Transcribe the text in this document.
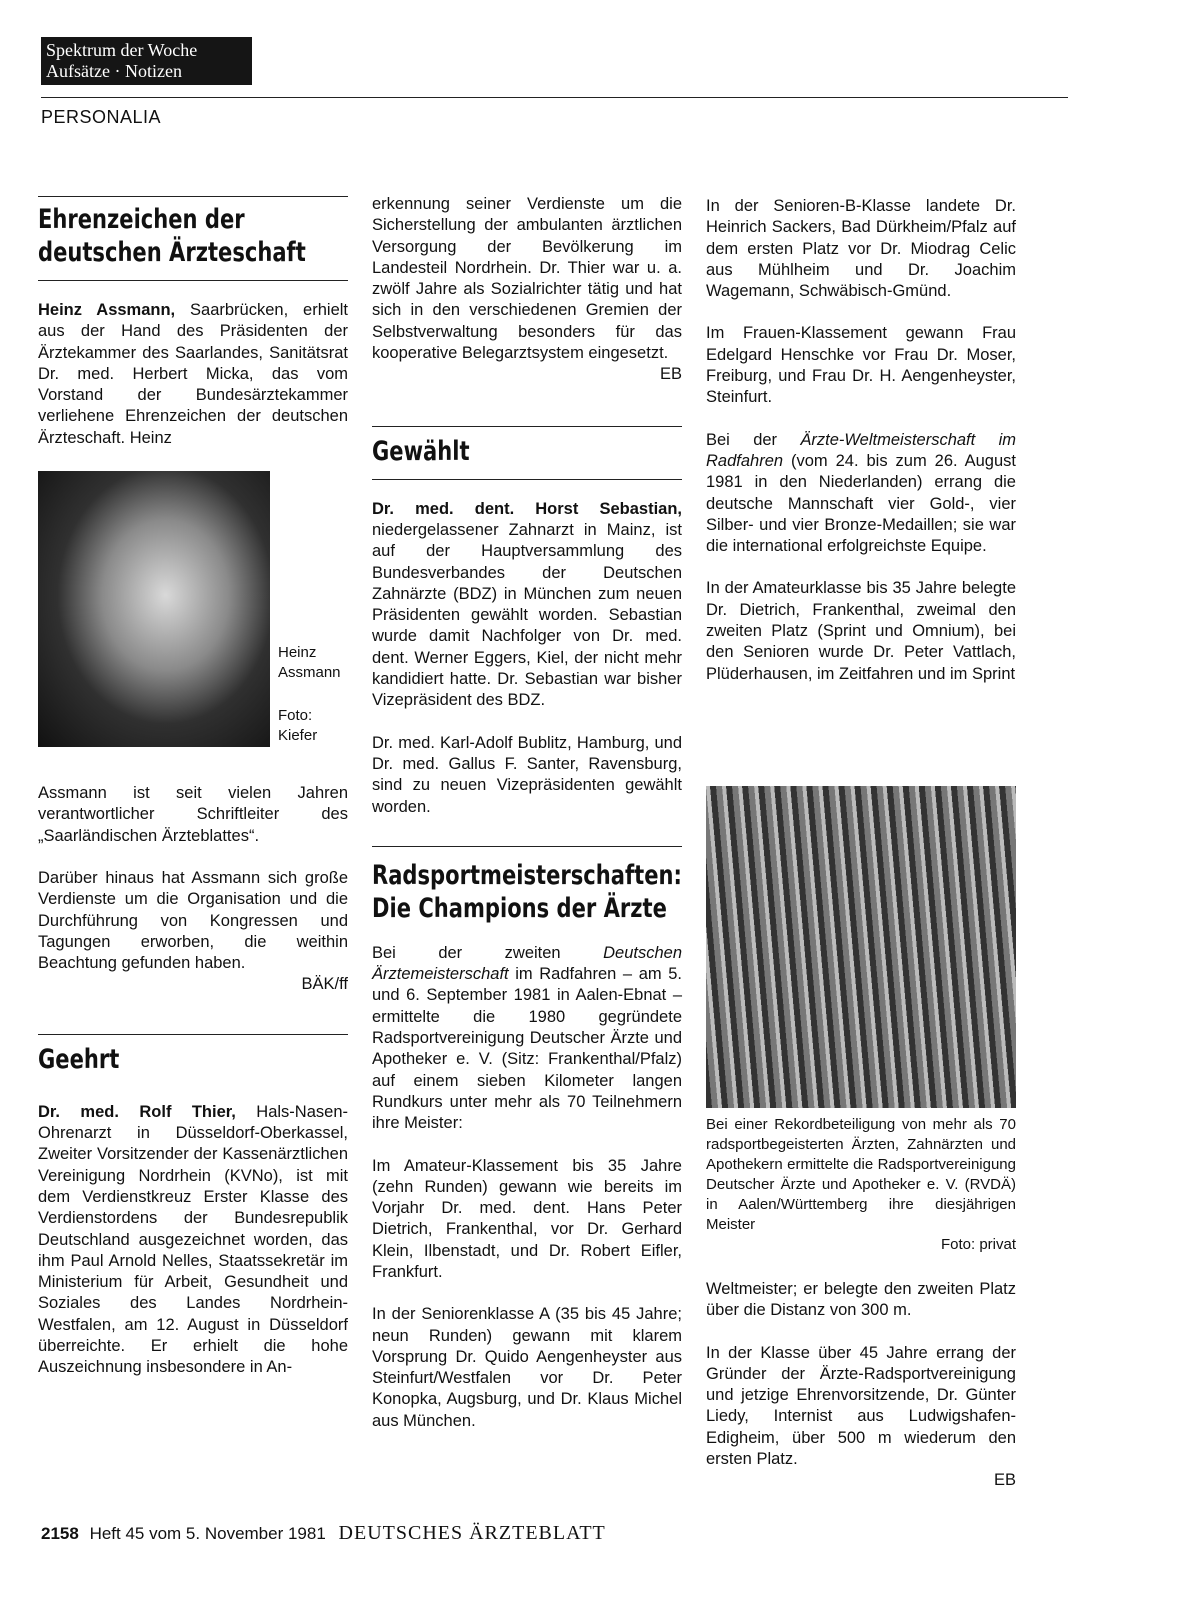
Spektrum der Woche
Aufsätze · Notizen
PERSONALIA
Ehrenzeichen der
deutschen Ärzteschaft

Heinz Assmann, Saarbrücken, erhielt aus der Hand des Präsidenten der Ärztekammer des Saarlandes, Sanitätsrat Dr. med. Herbert Micka, das vom Vorstand der Bundesärztekammer verliehene Ehrenzeichen der deutschen Ärzteschaft. Heinz

Heinz Assmann
Foto:
Kiefer

Assmann ist seit vielen Jahren verantwortlicher Schriftleiter des „Saarländischen Ärzteblattes“.

Darüber hinaus hat Assmann sich große Verdienste um die Organisation und die Durchführung von Kongressen und Tagungen erworben, die weithin Beachtung gefunden haben.

BÄK/ff
Geehrt

Dr. med. Rolf Thier, Hals-Nasen-Ohrenarzt in Düsseldorf-Oberkassel, Zweiter Vorsitzender der Kassenärztlichen Vereinigung Nordrhein (KVNo), ist mit dem Verdienstkreuz Erster Klasse des Verdienstordens der Bundesrepublik Deutschland ausgezeichnet worden, das ihm Paul Arnold Nelles, Staatssekretär im Ministerium für Arbeit, Gesundheit und Soziales des Landes Nordrhein-Westfalen, am 12. August in Düsseldorf überreichte. Er erhielt die hohe Auszeichnung insbesondere in An-

erkennung seiner Verdienste um die Sicherstellung der ambulanten ärztlichen Versorgung der Bevölkerung im Landesteil Nordrhein. Dr. Thier war u. a. zwölf Jahre als Sozialrichter tätig und hat sich in den verschiedenen Gremien der Selbstverwaltung besonders für das kooperative Belegarztsystem eingesetzt.

EB
Gewählt

Dr. med. dent. Horst Sebastian, niedergelassener Zahnarzt in Mainz, ist auf der Hauptversammlung des Bundesverbandes der Deutschen Zahnärzte (BDZ) in München zum neuen Präsidenten gewählt worden. Sebastian wurde damit Nachfolger von Dr. med. dent. Werner Eggers, Kiel, der nicht mehr kandidiert hatte. Dr. Sebastian war bisher Vizepräsident des BDZ.

Dr. med. Karl-Adolf Bublitz, Hamburg, und Dr. med. Gallus F. Santer, Ravensburg, sind zu neuen Vizepräsidenten gewählt worden.

Radsportmeisterschaften:
Die Champions der Ärzte

Bei der zweiten Deutschen Ärztemeisterschaft im Radfahren – am 5. und 6. September 1981 in Aalen-Ebnat – ermittelte die 1980 gegründete Radsportvereinigung Deutscher Ärzte und Apotheker e. V. (Sitz: Frankenthal/Pfalz) auf einem sieben Kilometer langen Rundkurs unter mehr als 70 Teilnehmern ihre Meister:

Im Amateur-Klassement bis 35 Jahre (zehn Runden) gewann wie bereits im Vorjahr Dr. med. dent. Hans Peter Dietrich, Frankenthal, vor Dr. Gerhard Klein, Ilbenstadt, und Dr. Robert Eifler, Frankfurt.

In der Seniorenklasse A (35 bis 45 Jahre; neun Runden) gewann mit klarem Vorsprung Dr. Quido Aengenheyster aus Steinfurt/Westfalen vor Dr. Peter Konopka, Augsburg, und Dr. Klaus Michel aus München.

In der Senioren-B-Klasse landete Dr. Heinrich Sackers, Bad Dürkheim/Pfalz auf dem ersten Platz vor Dr. Miodrag Celic aus Mühlheim und Dr. Joachim Wagemann, Schwäbisch-Gmünd.

Im Frauen-Klassement gewann Frau Edelgard Henschke vor Frau Dr. Moser, Freiburg, und Frau Dr. H. Aengenheyster, Steinfurt.

Bei der Ärzte-Weltmeisterschaft im Radfahren (vom 24. bis zum 26. August 1981 in den Niederlanden) errang die deutsche Mannschaft vier Gold-, vier Silber- und vier Bronze-Medaillen; sie war die international erfolgreichste Equipe.

In der Amateurklasse bis 35 Jahre belegte Dr. Dietrich, Frankenthal, zweimal den zweiten Platz (Sprint und Omnium), bei den Senioren wurde Dr. Peter Vattlach, Plüderhausen, im Zeitfahren und im Sprint

Bei einer Rekordbeteiligung von mehr als 70 radsportbegeisterten Ärzten, Zahnärzten und Apothekern ermittelte die Radsportvereinigung Deutscher Ärzte und Apotheker e. V. (RVDÄ) in Aalen/Württemberg ihre diesjährigen Meister

Foto: privat

Weltmeister; er belegte den zweiten Platz über die Distanz von 300 m.

In der Klasse über 45 Jahre errang der Gründer der Ärzte-Radsportvereinigung und jetzige Ehrenvorsitzende, Dr. Günter Liedy, Internist aus Ludwigshafen-Edigheim, über 500 m wiederum den ersten Platz.

EB
2158 Heft 45 vom 5. November 1981 DEUTSCHES ÄRZTEBLATT
